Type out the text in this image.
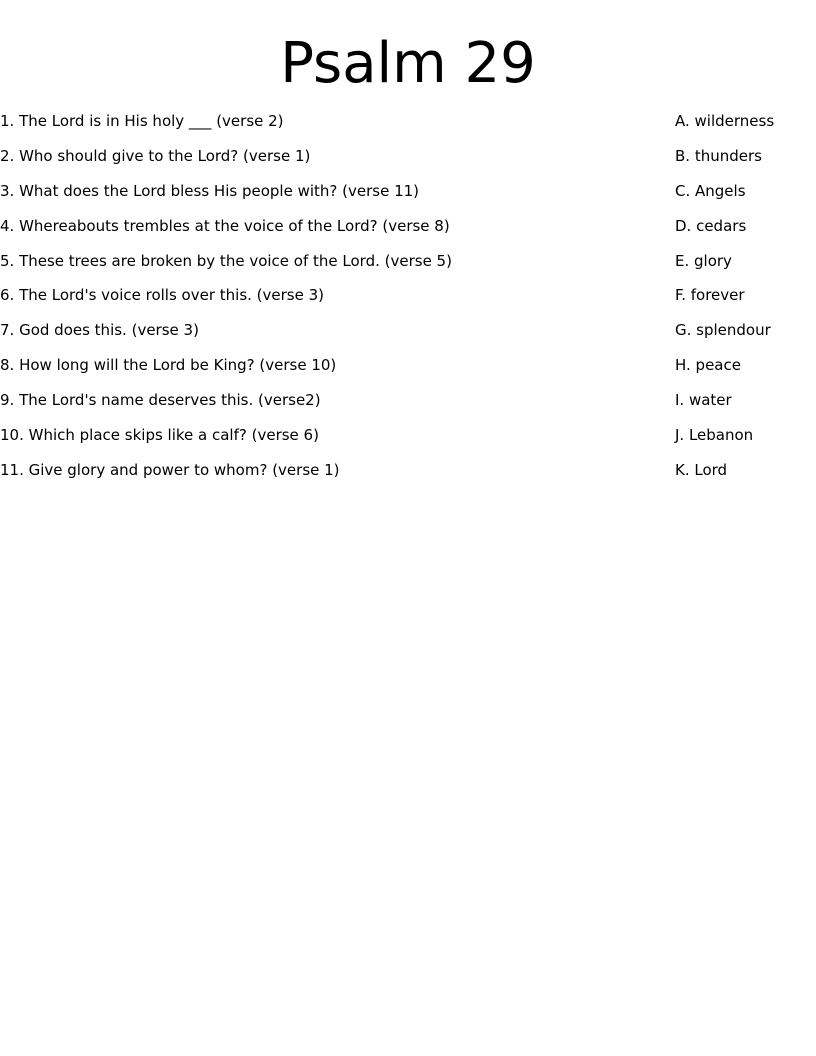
Psalm 29
1. The Lord is in His holy ___ (verse 2)
2. Who should give to the Lord? (verse 1)
3. What does the Lord bless His people with? (verse 11)
4. Whereabouts trembles at the voice of the Lord? (verse 8)
5. These trees are broken by the voice of the Lord. (verse 5)
6. The Lord's voice rolls over this. (verse 3)
7. God does this. (verse 3)
8. How long will the Lord be King? (verse 10)
9. The Lord's name deserves this. (verse2)
10. Which place skips like a calf? (verse 6)
11. Give glory and power to whom? (verse 1)
A. wilderness
B. thunders
C. Angels
D. cedars
E. glory
F. forever
G. splendour
H. peace
I. water
J. Lebanon
K. Lord
